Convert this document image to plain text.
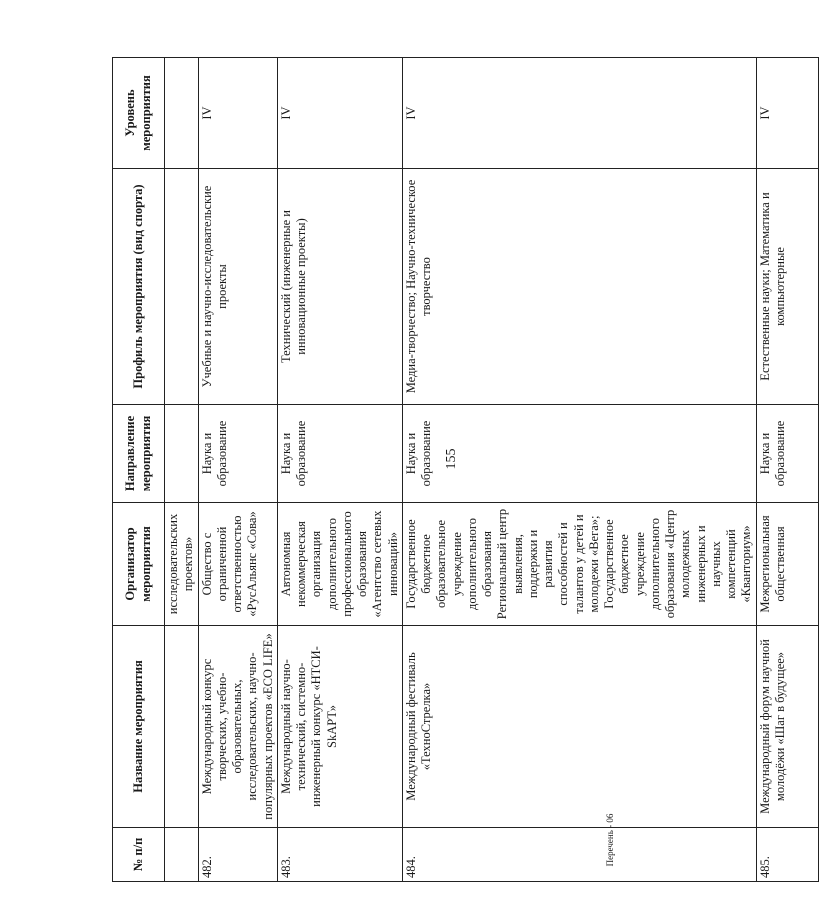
155
Перечень - 06
№ п/п	Название мероприятия	Организатор мероприятия	Направление мероприятия	Профиль мероприятия (вид спорта)	Уровень мероприятия
		исследовательских проектов»			
482.	Международный конкурс творческих, учебно-образовательных, исследовательских, научно-популярных проектов «ECO LIFE»	Общество с ограниченной ответственностью «РусАльянс «Сова»	Наука и образование	Учебные и научно-исследовательские проекты	IV
483.	Международный научно-технический, системно-инженерный конкурс «НТСИ-SkАРТ»	Автономная некоммерческая организация дополнительного профессионального образования «Агентство сетевых инноваций»	Наука и образование	Технический (инженерные и инновационные проекты)	IV
484.	Международный фестиваль «ТехноСтрелка»	Государственное бюджетное образовательное учреждение дополнительного образования Региональный центр выявления, поддержки и развития способностей и талантов у детей и молодежи «Вега»; Государственное бюджетное учреждение дополнительного образования «Центр молодежных инженерных и научных компетенций «Кванториум»	Наука и образование	Медиа-творчество; Научно-техническое творчество	IV
485.	Международный форум научной молодёжи «Шаг в будущее»	Межрегиональная общественная	Наука и образование	Естественные науки; Математика и компьютерные	IV
